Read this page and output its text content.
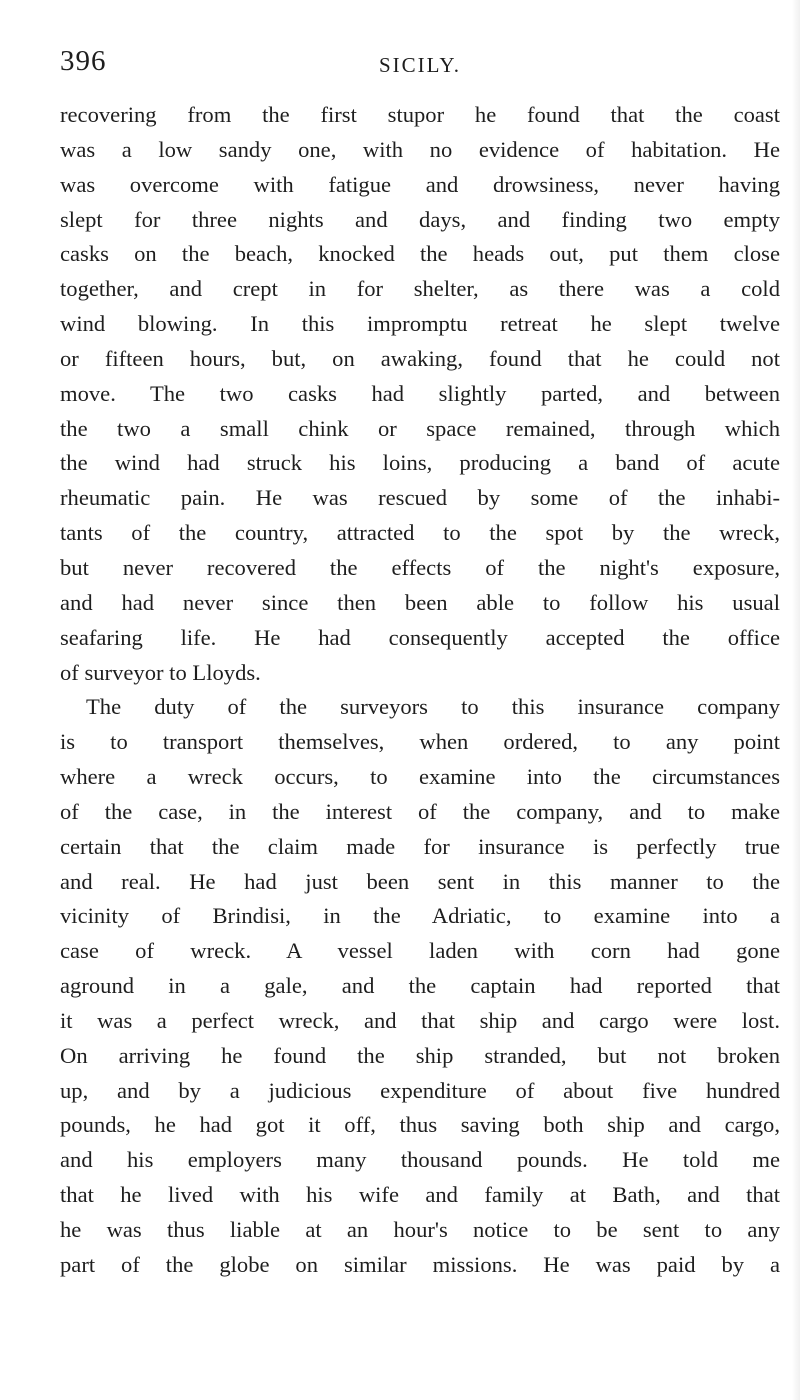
396	SICILY.
recovering from the first stupor he found that the coast
was a low sandy one, with no evidence of habitation. He
was overcome with fatigue and drowsiness, never having
slept for three nights and days, and finding two empty
casks on the beach, knocked the heads out, put them close
together, and crept in for shelter, as there was a cold
wind blowing. In this impromptu retreat he slept twelve
or fifteen hours, but, on awaking, found that he could not
move. The two casks had slightly parted, and between
the two a small chink or space remained, through which
the wind had struck his loins, producing a band of acute
rheumatic pain. He was rescued by some of the inhabi-
tants of the country, attracted to the spot by the wreck,
but never recovered the effects of the night's exposure,
and had never since then been able to follow his usual
seafaring life. He had consequently accepted the office
of surveyor to Lloyds.
The duty of the surveyors to this insurance company
is to transport themselves, when ordered, to any point
where a wreck occurs, to examine into the circumstances
of the case, in the interest of the company, and to make
certain that the claim made for insurance is perfectly true
and real. He had just been sent in this manner to the
vicinity of Brindisi, in the Adriatic, to examine into a
case of wreck. A vessel laden with corn had gone
aground in a gale, and the captain had reported that
it was a perfect wreck, and that ship and cargo were lost.
On arriving he found the ship stranded, but not broken
up, and by a judicious expenditure of about five hundred
pounds, he had got it off, thus saving both ship and cargo,
and his employers many thousand pounds. He told me
that he lived with his wife and family at Bath, and that
he was thus liable at an hour's notice to be sent to any
part of the globe on similar missions. He was paid by a
